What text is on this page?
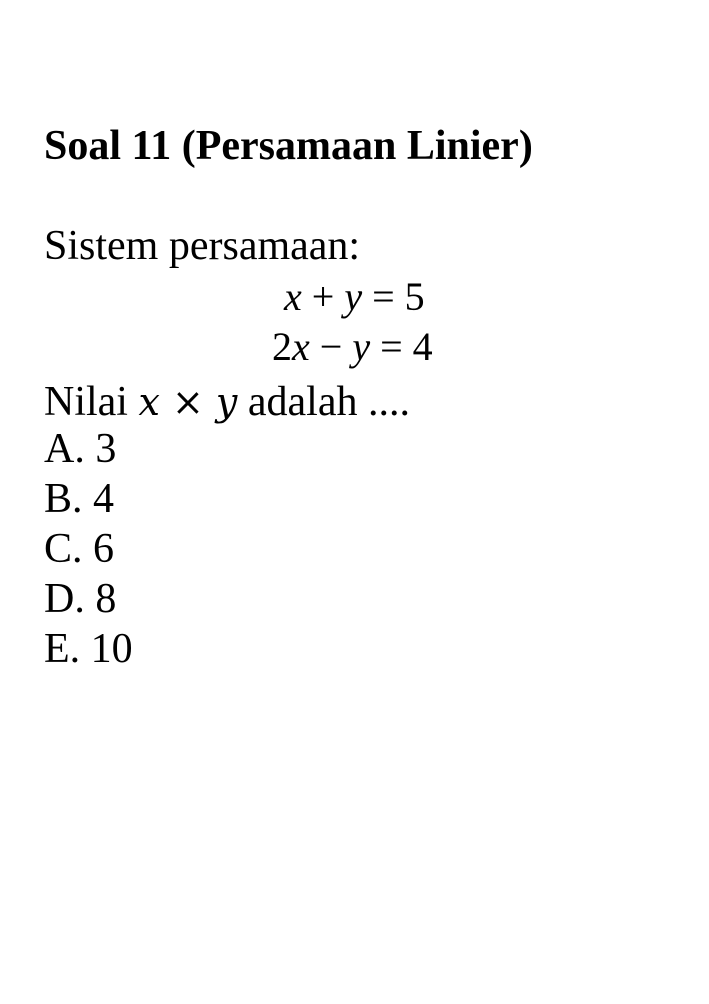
Soal 11 (Persamaan Linier)
Sistem persamaan:
x + y = 5
2x − y = 4
Nilai x × y adalah ....
A. 3
B. 4
C. 6
D. 8
E. 10
